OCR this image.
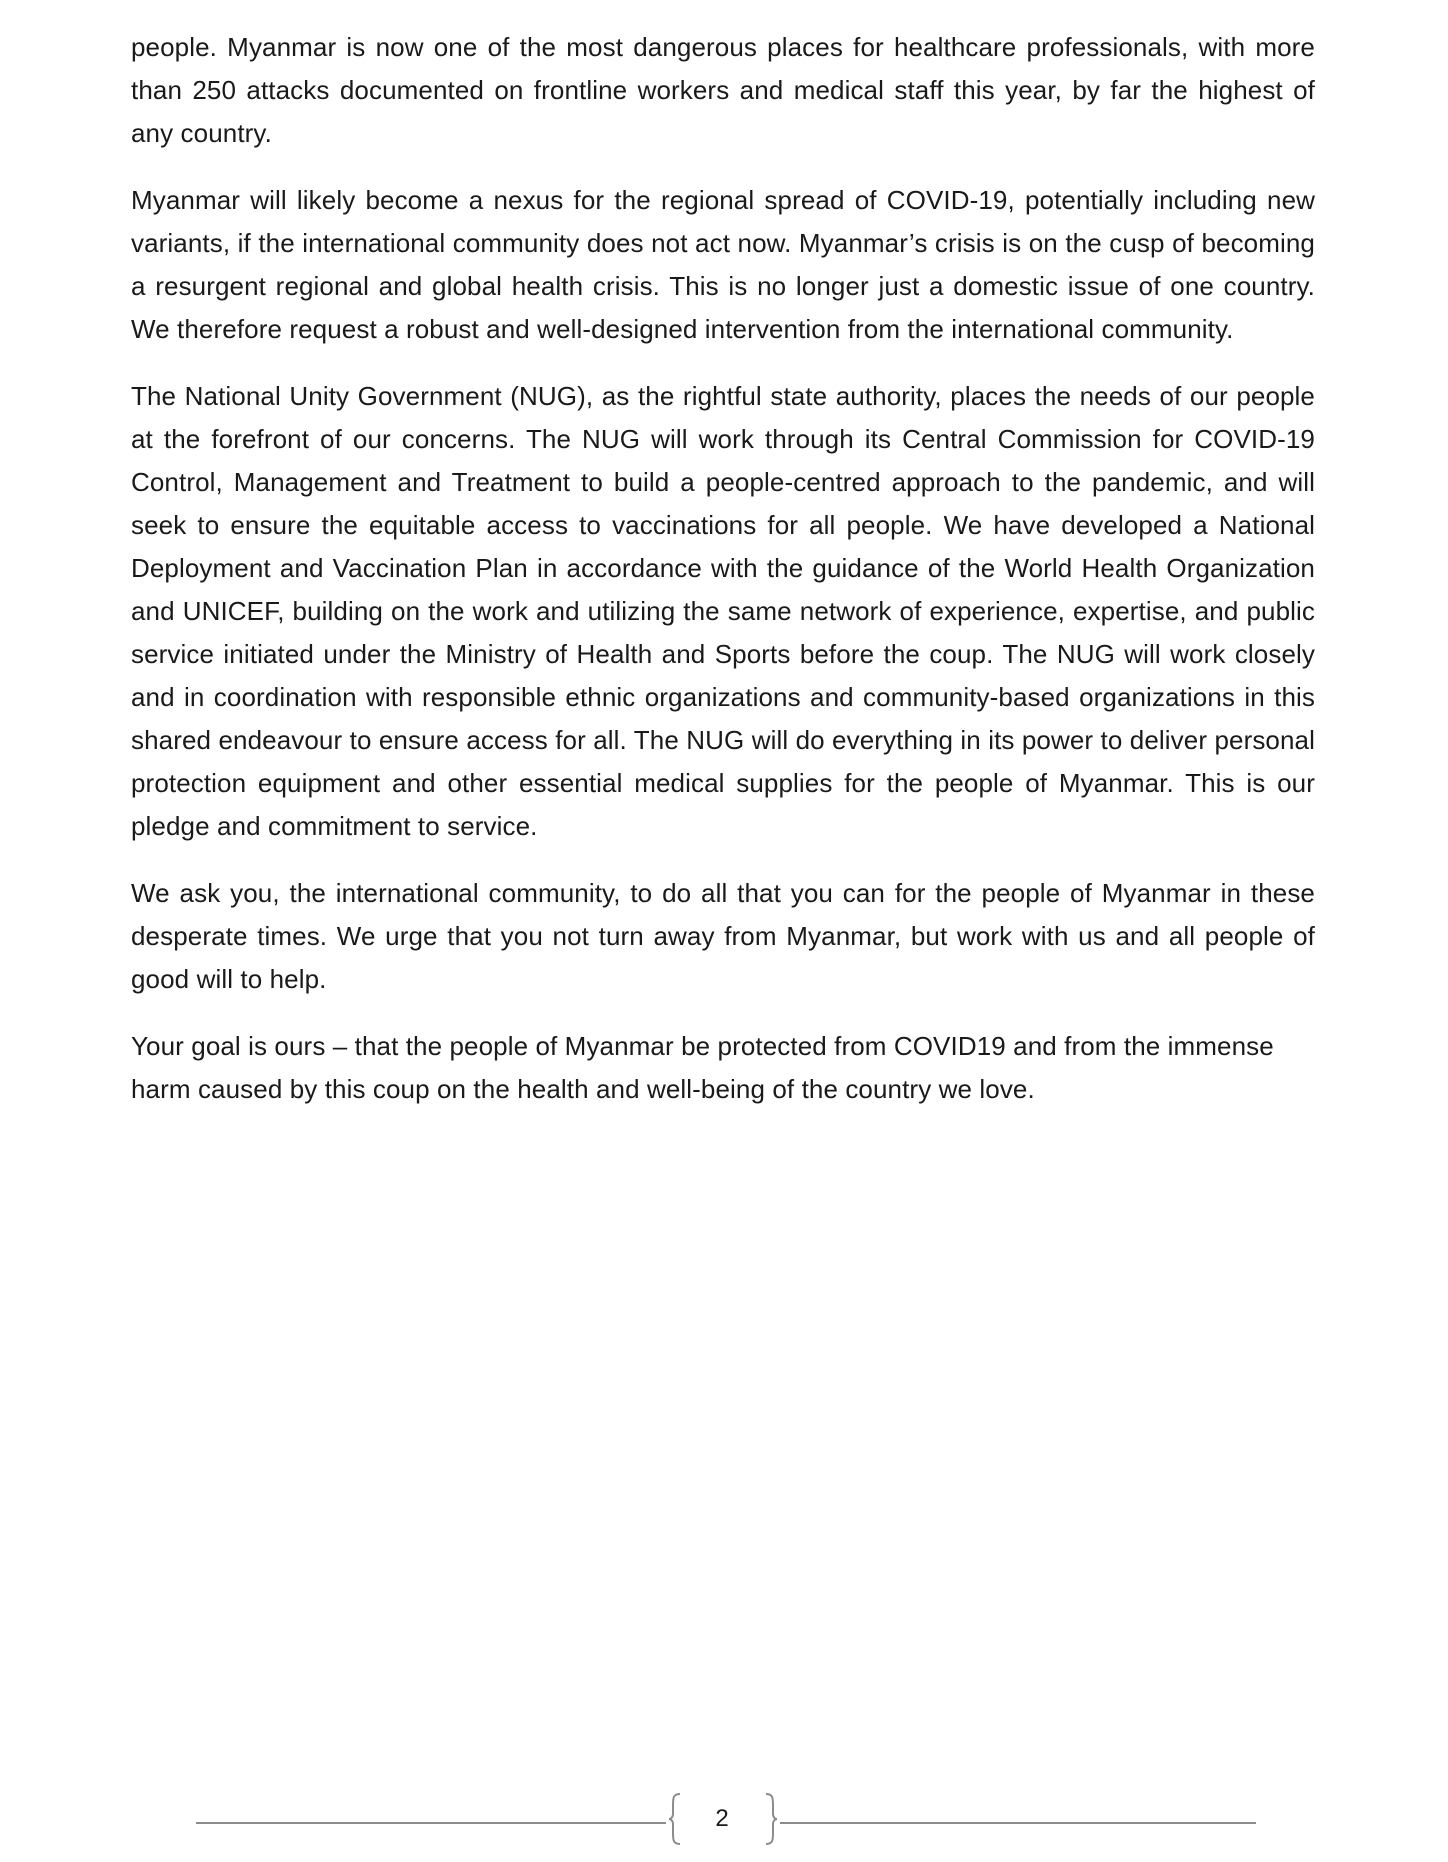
people. Myanmar is now one of the most dangerous places for healthcare professionals, with more than 250 attacks documented on frontline workers and medical staff this year, by far the highest of any country.

Myanmar will likely become a nexus for the regional spread of COVID-19, potentially including new variants, if the international community does not act now. Myanmar’s crisis is on the cusp of becoming a resurgent regional and global health crisis. This is no longer just a domestic issue of one country. We therefore request a robust and well-designed intervention from the international community.

The National Unity Government (NUG), as the rightful state authority, places the needs of our people at the forefront of our concerns. The NUG will work through its Central Commission for COVID-19 Control, Management and Treatment to build a people-centred approach to the pandemic, and will seek to ensure the equitable access to vaccinations for all people. We have developed a National Deployment and Vaccination Plan in accordance with the guidance of the World Health Organization and UNICEF, building on the work and utilizing the same network of experience, expertise, and public service initiated under the Ministry of Health and Sports before the coup. The NUG will work closely and in coordination with responsible ethnic organizations and community-based organizations in this shared endeavour to ensure access for all. The NUG will do everything in its power to deliver personal protection equipment and other essential medical supplies for the people of Myanmar. This is our pledge and commitment to service.

We ask you, the international community, to do all that you can for the people of Myanmar in these desperate times. We urge that you not turn away from Myanmar, but work with us and all people of good will to help.

Your goal is ours – that the people of Myanmar be protected from COVID19 and from the immense harm caused by this coup on the health and well-being of the country we love.

2
